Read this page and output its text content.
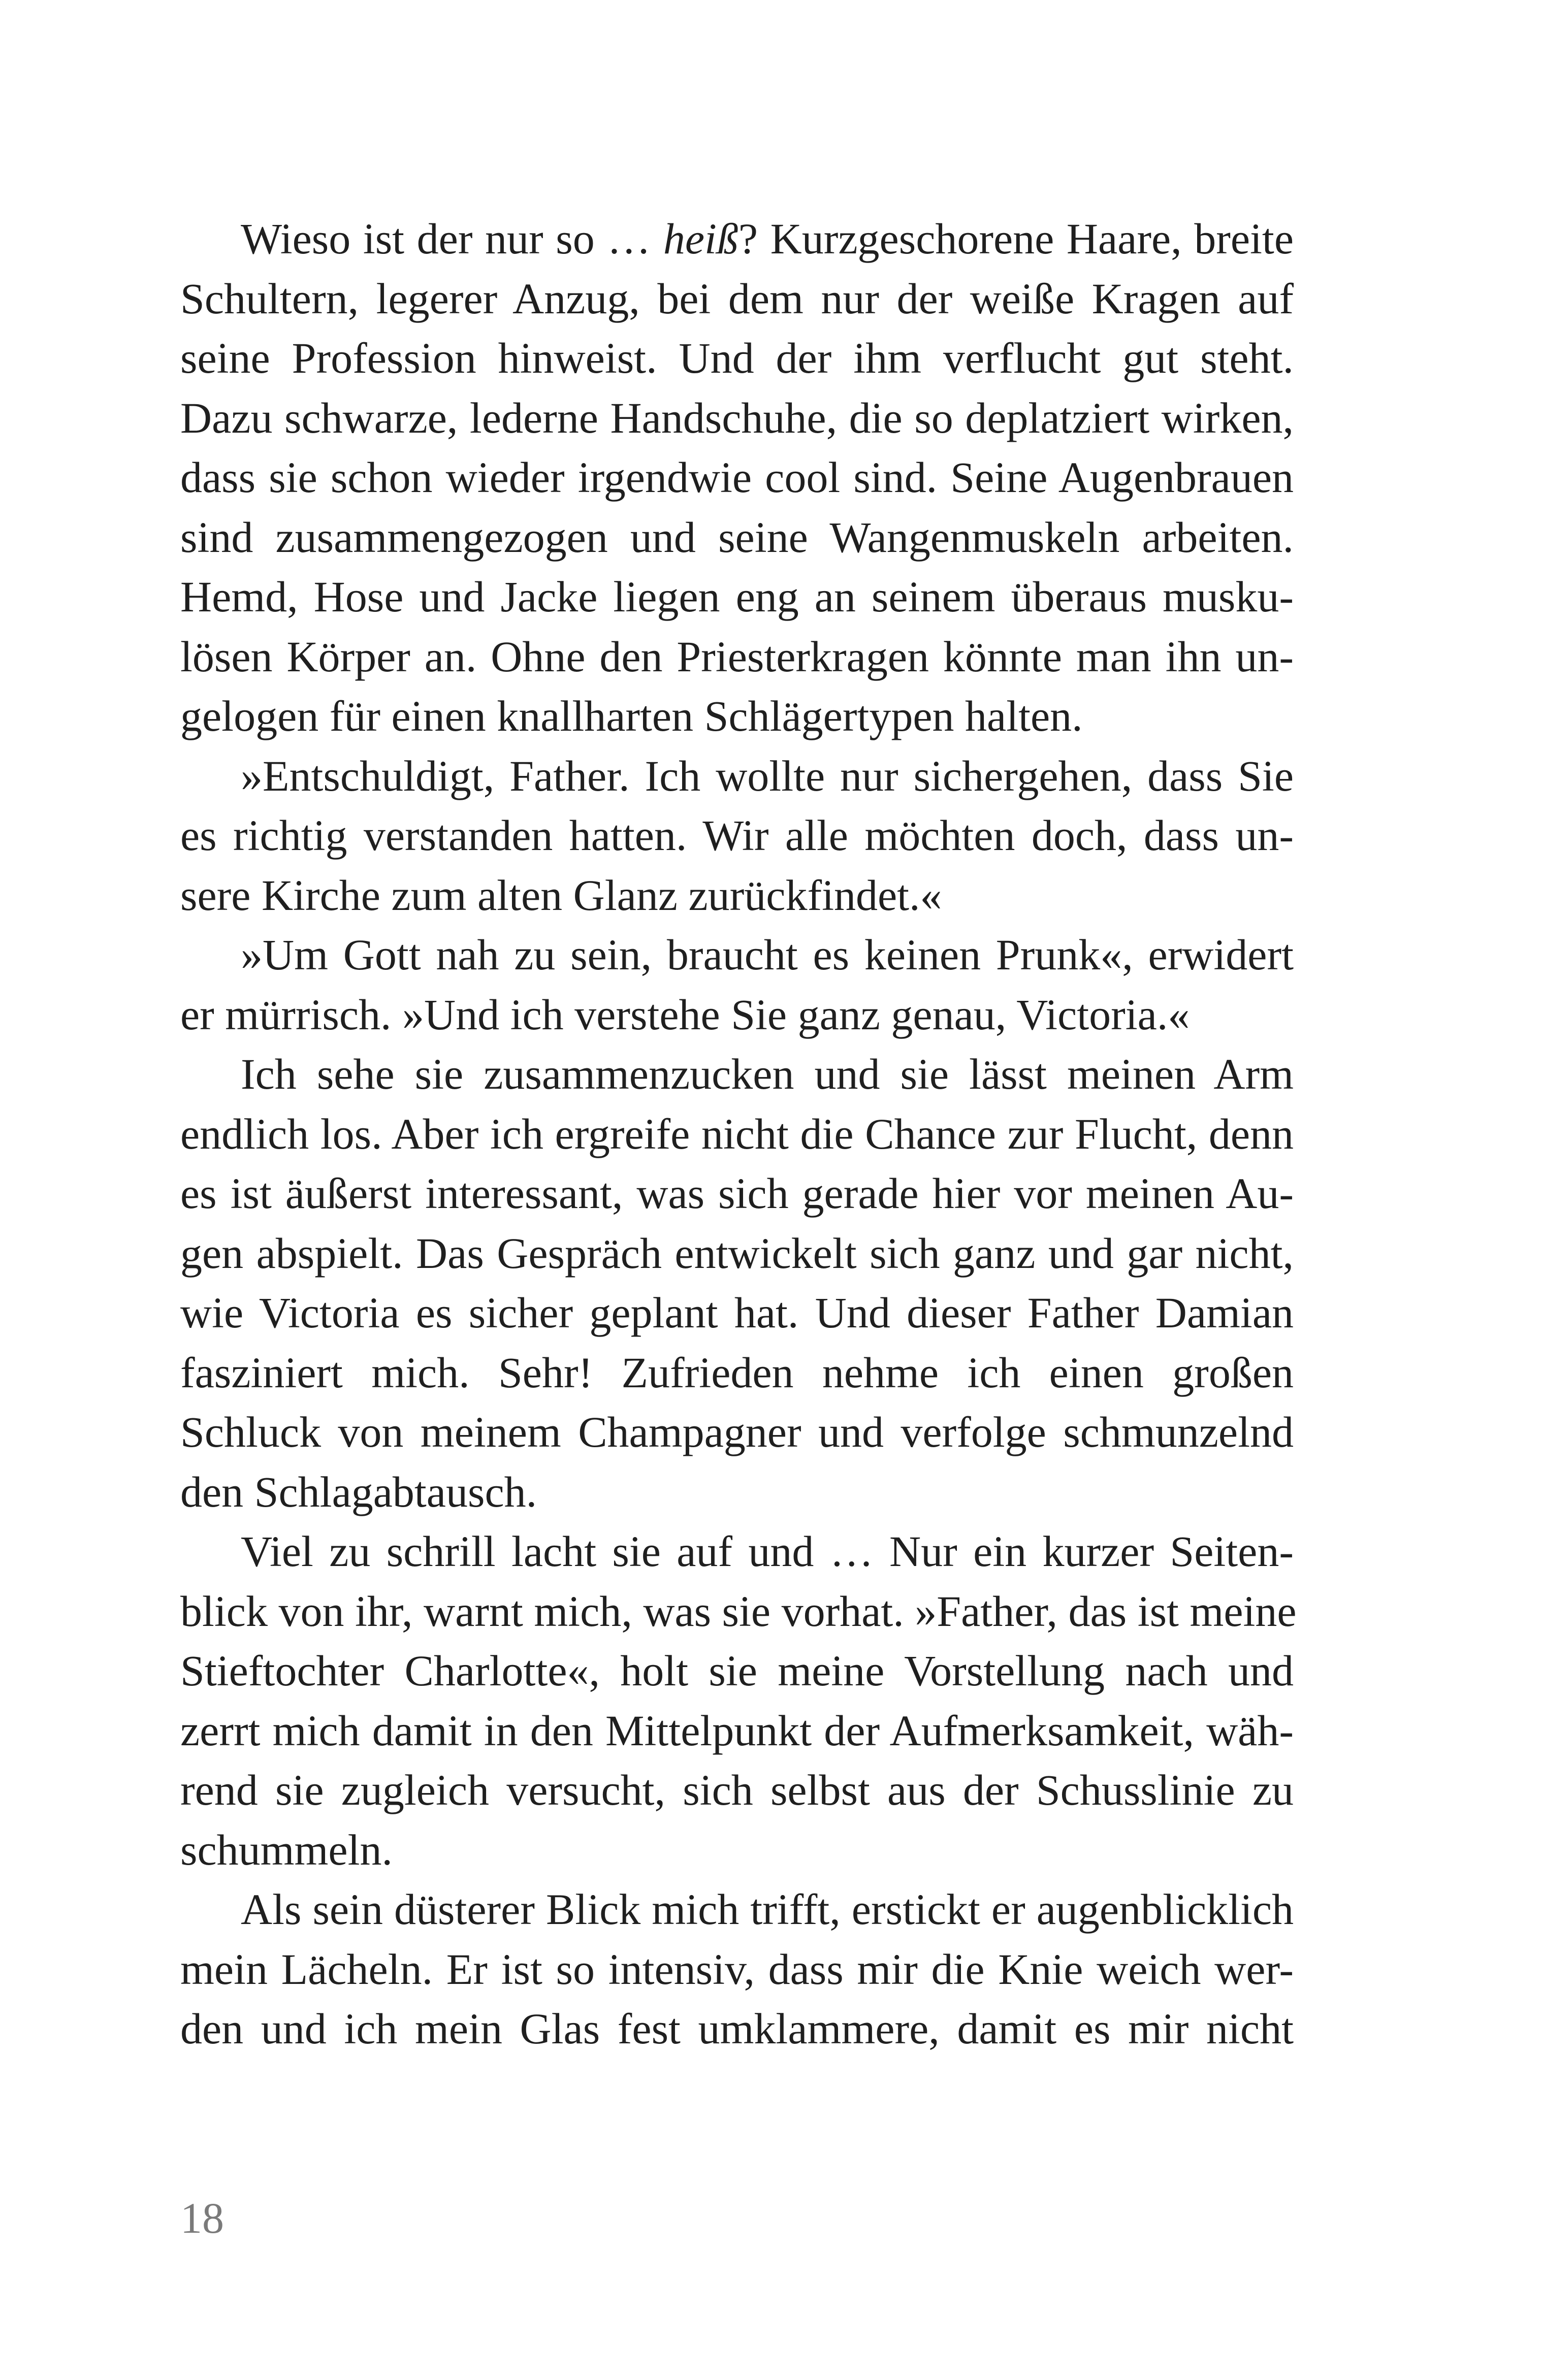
Wieso ist der nur so … heiß? Kurzgeschorene Haare, breite
Schultern, legerer Anzug, bei dem nur der weiße Kragen auf
seine Profession hinweist. Und der ihm verflucht gut steht.
Dazu schwarze, lederne Handschuhe, die so deplatziert wirken,
dass sie schon wieder irgendwie cool sind. Seine Augenbrauen
sind zusammengezogen und seine Wangenmuskeln arbeiten.
Hemd, Hose und Jacke liegen eng an seinem überaus musku-
lösen Körper an. Ohne den Priesterkragen könnte man ihn un-
gelogen für einen knallharten Schlägertypen halten.
»Entschuldigt, Father. Ich wollte nur sichergehen, dass Sie
es richtig verstanden hatten. Wir alle möchten doch, dass un-
sere Kirche zum alten Glanz zurückfindet.«
»Um Gott nah zu sein, braucht es keinen Prunk«, erwidert
er mürrisch. »Und ich verstehe Sie ganz genau, Victoria.«
Ich sehe sie zusammenzucken und sie lässt meinen Arm
endlich los. Aber ich ergreife nicht die Chance zur Flucht, denn
es ist äußerst interessant, was sich gerade hier vor meinen Au-
gen abspielt. Das Gespräch entwickelt sich ganz und gar nicht,
wie Victoria es sicher geplant hat. Und dieser Father Damian
fasziniert mich. Sehr! Zufrieden nehme ich einen großen
Schluck von meinem Champagner und verfolge schmunzelnd
den Schlagabtausch.
Viel zu schrill lacht sie auf und … Nur ein kurzer Seiten-
blick von ihr, warnt mich, was sie vorhat. »Father, das ist meine
Stieftochter Charlotte«, holt sie meine Vorstellung nach und
zerrt mich damit in den Mittelpunkt der Aufmerksamkeit, wäh-
rend sie zugleich versucht, sich selbst aus der Schusslinie zu
schummeln.
Als sein düsterer Blick mich trifft, erstickt er augenblicklich
mein Lächeln. Er ist so intensiv, dass mir die Knie weich wer-
den und ich mein Glas fest umklammere, damit es mir nicht
18
